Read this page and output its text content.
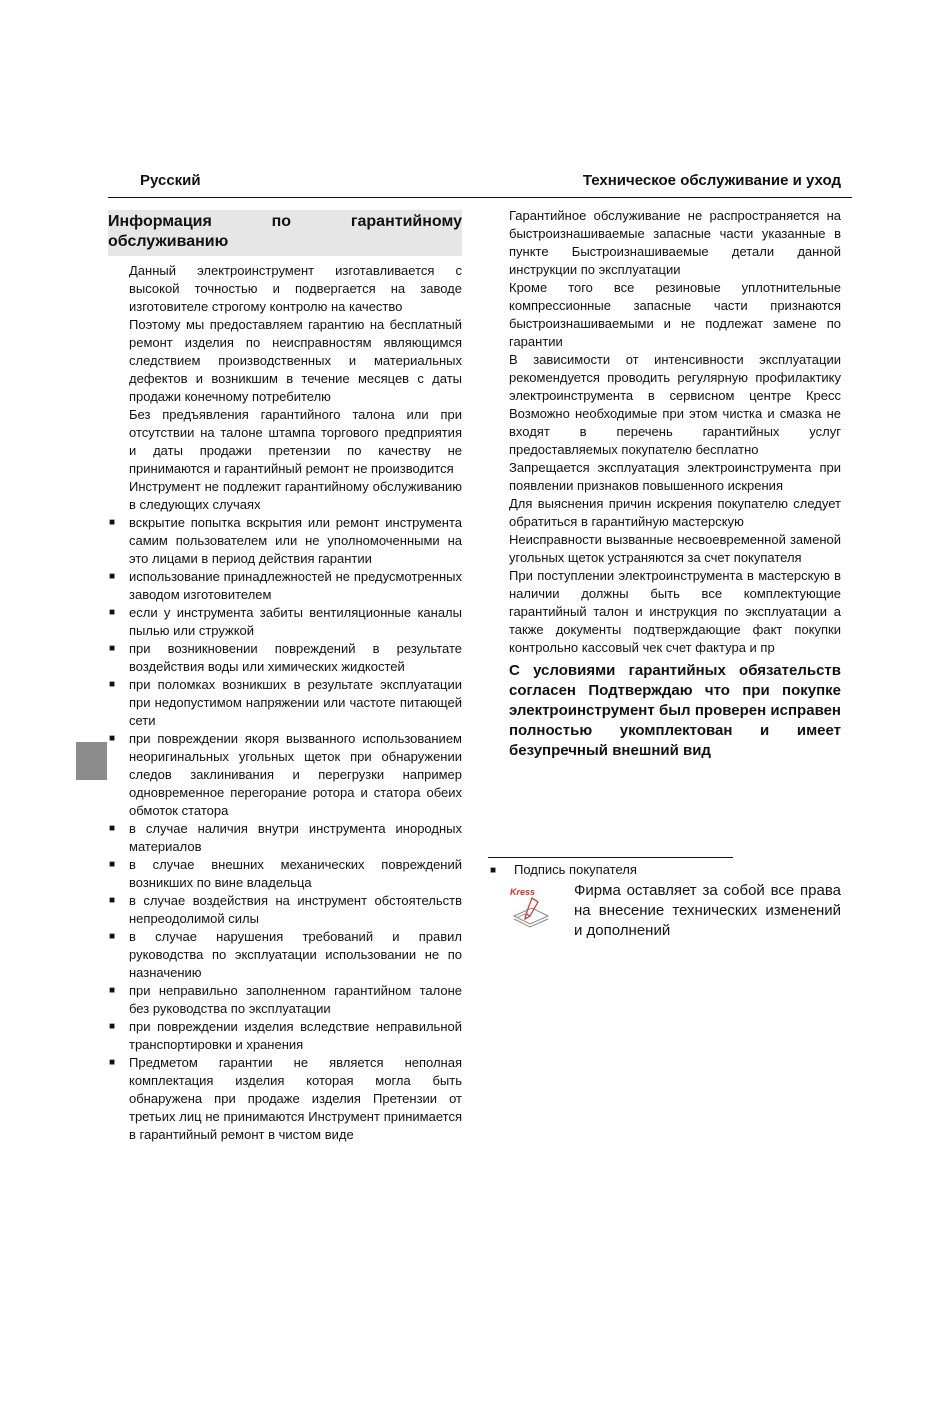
Русский	Техническое обслуживание и уход
Информация по гарантийному обслуживанию

Данный электроинструмент изготавливается с высокой точностью и подвергается на заводе изготовителе строгому контролю на качество

Поэтому мы предоставляем гарантию на бесплатный ремонт изделия по неисправностям являющимся следствием производственных и материальных дефектов и возникшим в течение месяцев с даты продажи конечному потребителю

Без предъявления гарантийного талона или при отсутствии на талоне штампа торгового предприятия и даты продажи претензии по качеству не принимаются и гарантийный ремонт не производится

Инструмент не подлежит гарантийному обслуживанию в следующих случаях

■ вскрытие попытка вскрытия или ремонт инструмента самим пользователем или не уполномоченными на это лицами в период действия гарантии
■ использование принадлежностей не предусмотренных заводом изготовителем
■ если у инструмента забиты вентиляционные каналы пылью или стружкой
■ при возникновении повреждений в результате воздействия воды или химических жидкостей
■ при поломках возникших в результате эксплуатации при недопустимом напряжении или частоте питающей сети
■ при повреждении якоря вызванного использованием неоригинальных угольных щеток при обнаружении следов заклинивания и перегрузки например одновременное перегорание ротора и статора обеих обмоток статора
■ в случае наличия внутри инструмента инородных материалов
■ в случае внешних механических повреждений возникших по вине владельца
■ в случае воздействия на инструмент обстоятельств непреодолимой силы
■ в случае нарушения требований и правил руководства по эксплуатации использовании не по назначению
■ при неправильно заполненном гарантийном талоне без руководства по эксплуатации
■ при повреждении изделия вследствие неправильной транспортировки и хранения
■ Предметом гарантии не является неполная комплектация изделия которая могла быть обнаружена при продаже изделия Претензии от третьих лиц не принимаются Инструмент принимается в гарантийный ремонт в чистом виде

Гарантийное обслуживание не распространяется на быстроизнашиваемые запасные части указанные в пункте Быстроизнашиваемые детали данной инструкции по эксплуатации

Кроме того все резиновые уплотнительные компрессионные запасные части признаются быстроизнашиваемыми и не подлежат замене по гарантии

В зависимости от интенсивности эксплуатации рекомендуется проводить регулярную профилактику электроинструмента в сервисном центре Кресс Возможно необходимые при этом чистка и смазка не входят в перечень гарантийных услуг предоставляемых покупателю бесплатно

Запрещается эксплуатация электроинструмента при появлении признаков повышенного искрения

Для выяснения причин искрения покупателю следует обратиться в гарантийную мастерскую

Неисправности вызванные несвоевременной заменой угольных щеток устраняются за счет покупателя

При поступлении электроинструмента в мастерскую в наличии должны быть все комплектующие гарантийный талон и инструкция по эксплуатации а также документы подтверждающие факт покупки контрольно кассовый чек счет фактура и пр

С условиями гарантийных обязательств согласен Подтверждаю что при покупке электроинструмент был проверен исправен полностью укомплектован и имеет безупречный внешний вид
■ Подпись покупателя
Kress	Фирма оставляет за собой все права на внесение технических изменений и дополнений
